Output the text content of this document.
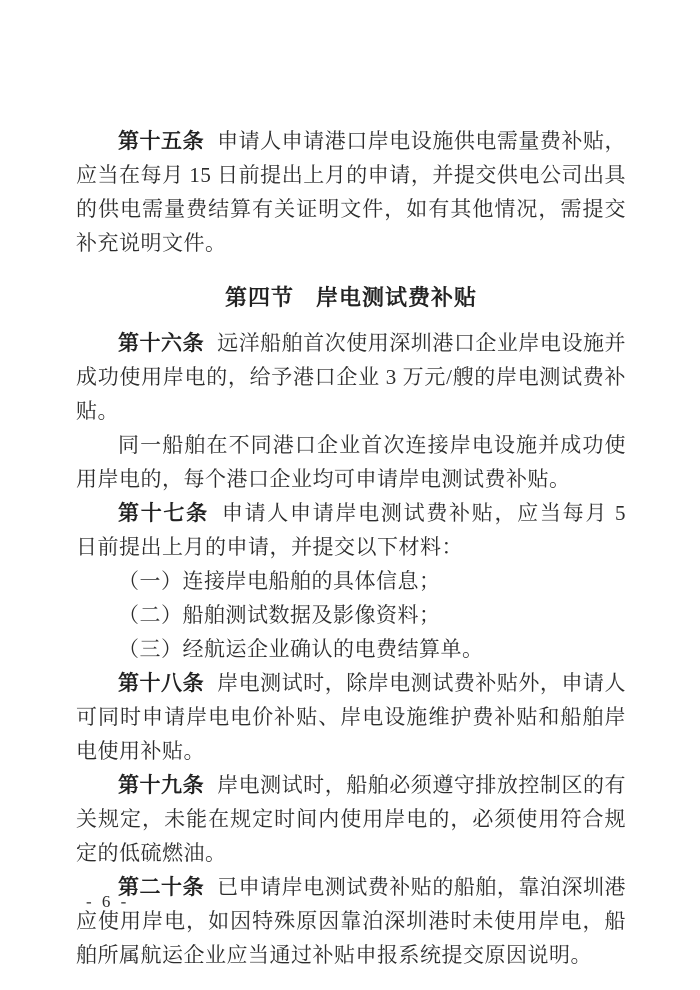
第十五条 申请人申请港口岸电设施供电需量费补贴，应当在每月 15 日前提出上月的申请，并提交供电公司出具的供电需量费结算有关证明文件，如有其他情况，需提交补充说明文件。

第四节 岸电测试费补贴

第十六条 远洋船舶首次使用深圳港口企业岸电设施并成功使用岸电的，给予港口企业 3 万元/艘的岸电测试费补贴。

同一船舶在不同港口企业首次连接岸电设施并成功使用岸电的，每个港口企业均可申请岸电测试费补贴。

第十七条 申请人申请岸电测试费补贴，应当每月 5 日前提出上月的申请，并提交以下材料：

（一）连接岸电船舶的具体信息；

（二）船舶测试数据及影像资料；

（三）经航运企业确认的电费结算单。

第十八条 岸电测试时，除岸电测试费补贴外，申请人可同时申请岸电电价补贴、岸电设施维护费补贴和船舶岸电使用补贴。

第十九条 岸电测试时，船舶必须遵守排放控制区的有关规定，未能在规定时间内使用岸电的，必须使用符合规定的低硫燃油。

第二十条 已申请岸电测试费补贴的船舶，靠泊深圳港应使用岸电，如因特殊原因靠泊深圳港时未使用岸电，船舶所属航运企业应当通过补贴申报系统提交原因说明。

- 6 -
